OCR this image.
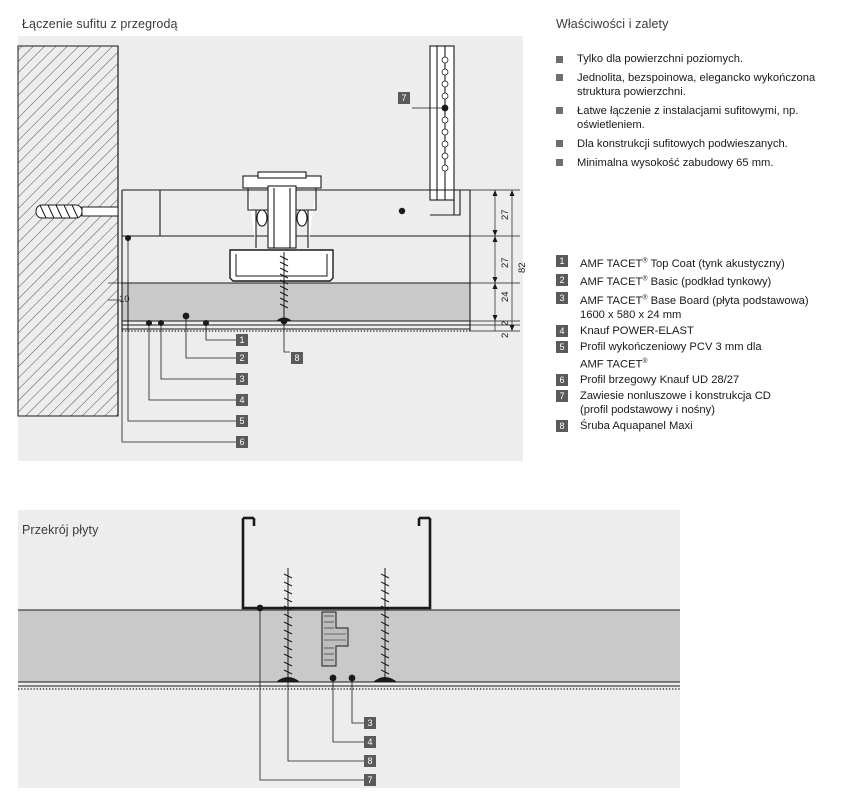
1
2
3
4
5
6
7
8
27
27
24
2
2
82
10
3
4
8
7
Łączenie sufitu z przegrodą
Przekrój płyty
Właściwości i zalety
Tylko dla powierzchni poziomych.
Jednolita, bezspoinowa, elegancko wykończona struktura powierzchni.
Łatwe łączenie z instalacjami sufitowymi, np. oświetleniem.
Dla konstrukcji sufitowych podwieszanych.
Minimalna wysokość zabudowy 65 mm.
1	AMF TACET® Top Coat (tynk akustyczny)
2	AMF TACET® Basic (podkład tynkowy)
3	AMF TACET® Base Board (płyta podstawowa)
1600 x 580 x 24 mm
4	Knauf POWER-ELAST
5	Profil wykończeniowy PCV 3 mm dla
AMF TACET®
6	Profil brzegowy Knauf UD 28/27
7	Zawiesie nonluszowe i konstrukcja CD
(profil podstawowy i nośny)
8	Śruba Aquapanel Maxi
